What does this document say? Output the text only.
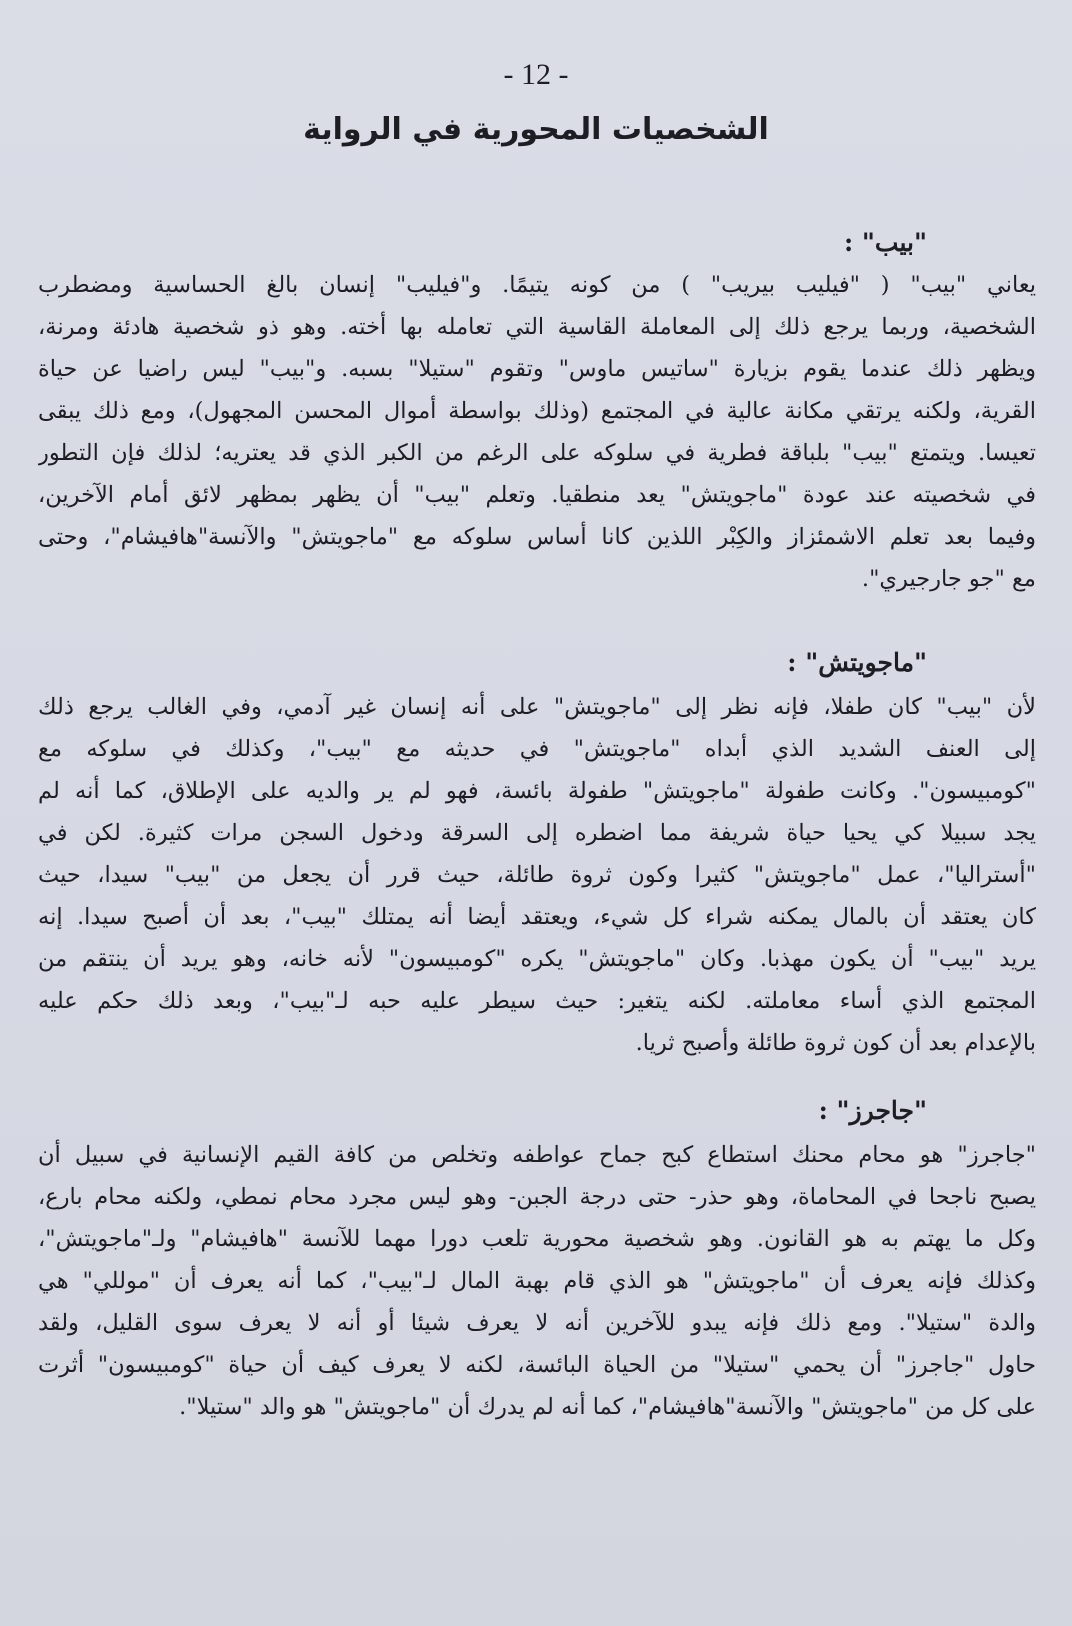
- 12 -
الشخصيات المحورية في الرواية
"بيب" :
يعاني "بيب" ( "فيليب بيريب" ) من كونه يتيمًا. و"فيليب" إنسان بالغ الحساسية ومضطرب
الشخصية، وربما يرجع ذلك إلى المعاملة القاسية التي تعامله بها أخته. وهو ذو شخصية هادئة ومرنة،
ويظهر ذلك عندما يقوم بزيارة "ساتيس ماوس" وتقوم "ستيلا" بسبه. و"بيب" ليس راضيا عن حياة
القرية، ولكنه يرتقي مكانة عالية في المجتمع (وذلك بواسطة أموال المحسن المجهول)، ومع ذلك يبقى
تعيسا. ويتمتع "بيب" بلباقة فطرية في سلوكه على الرغم من الكبر الذي قد يعتريه؛ لذلك فإن التطور
في شخصيته عند عودة "ماجويتش" يعد منطقيا. وتعلم "بيب" أن يظهر بمظهر لائق أمام الآخرين،
وفيما بعد تعلم الاشمئزاز والكِبْر اللذين كانا أساس سلوكه مع "ماجويتش" والآنسة"هافيشام"، وحتى
مع "جو جارجيري".
"ماجويتش" :
لأن "بيب" كان طفلا، فإنه نظر إلى "ماجويتش" على أنه إنسان غير آدمي، وفي الغالب يرجع ذلك
إلى العنف الشديد الذي أبداه "ماجويتش" في حديثه مع "بيب"، وكذلك في سلوكه مع
"كومبيسون". وكانت طفولة "ماجويتش" طفولة بائسة، فهو لم ير والديه على الإطلاق، كما أنه لم
يجد سبيلا كي يحيا حياة شريفة مما اضطره إلى السرقة ودخول السجن مرات كثيرة. لكن في
"أستراليا"، عمل "ماجويتش" كثيرا وكون ثروة طائلة، حيث قرر أن يجعل من "بيب" سيدا، حيث
كان يعتقد أن بالمال يمكنه شراء كل شيء، ويعتقد أيضا أنه يمتلك "بيب"، بعد أن أصبح سيدا. إنه
يريد "بيب" أن يكون مهذبا. وكان "ماجويتش" يكره "كومبيسون" لأنه خانه، وهو يريد أن ينتقم من
المجتمع الذي أساء معاملته. لكنه يتغير: حيث سيطر عليه حبه لـ"بيب"، وبعد ذلك حكم عليه
بالإعدام بعد أن كون ثروة طائلة وأصبح ثريا.
"جاجرز" :
"جاجرز" هو محام محنك استطاع كبح جماح عواطفه وتخلص من كافة القيم الإنسانية في سبيل أن
يصبح ناجحا في المحاماة، وهو حذر- حتى درجة الجبن- وهو ليس مجرد محام نمطي، ولكنه محام بارع،
وكل ما يهتم به هو القانون. وهو شخصية محورية تلعب دورا مهما للآنسة "هافيشام" ولـ"ماجويتش"،
وكذلك فإنه يعرف أن "ماجويتش" هو الذي قام بهبة المال لـ"بيب"، كما أنه يعرف أن "موللي" هي
والدة "ستيلا". ومع ذلك فإنه يبدو للآخرين أنه لا يعرف شيئا أو أنه لا يعرف سوى القليل، ولقد
حاول "جاجرز" أن يحمي "ستيلا" من الحياة البائسة، لكنه لا يعرف كيف أن حياة "كومبيسون" أثرت
على كل من "ماجويتش" والآنسة"هافيشام"، كما أنه لم يدرك أن "ماجويتش" هو والد "ستيلا".
